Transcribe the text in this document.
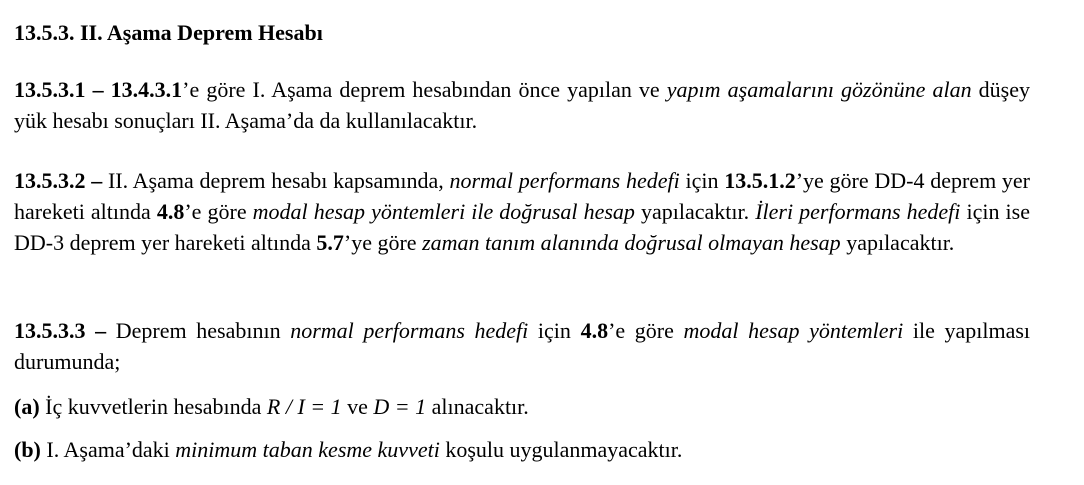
13.5.3. II. Aşama Deprem Hesabı
13.5.3.1 – 13.4.3.1’e göre I. Aşama deprem hesabından önce yapılan ve yapım aşamalarını gözönüne alan düşey yük hesabı sonuçları II. Aşama’da da kullanılacaktır.
13.5.3.2 – II. Aşama deprem hesabı kapsamında, normal performans hedefi için 13.5.1.2’ye göre DD-4 deprem yer hareketi altında 4.8’e göre modal hesap yöntemleri ile doğrusal hesap yapılacaktır. İleri performans hedefi için ise DD-3 deprem yer hareketi altında 5.7’ye göre zaman tanım alanında doğrusal olmayan hesap yapılacaktır.
13.5.3.3 – Deprem hesabının normal performans hedefi için 4.8’e göre modal hesap yöntemleri ile yapılması durumunda;
(a) İç kuvvetlerin hesabında R / I = 1 ve D = 1 alınacaktır.
(b) I. Aşama’daki minimum taban kesme kuvveti koşulu uygulanmayacaktır.
